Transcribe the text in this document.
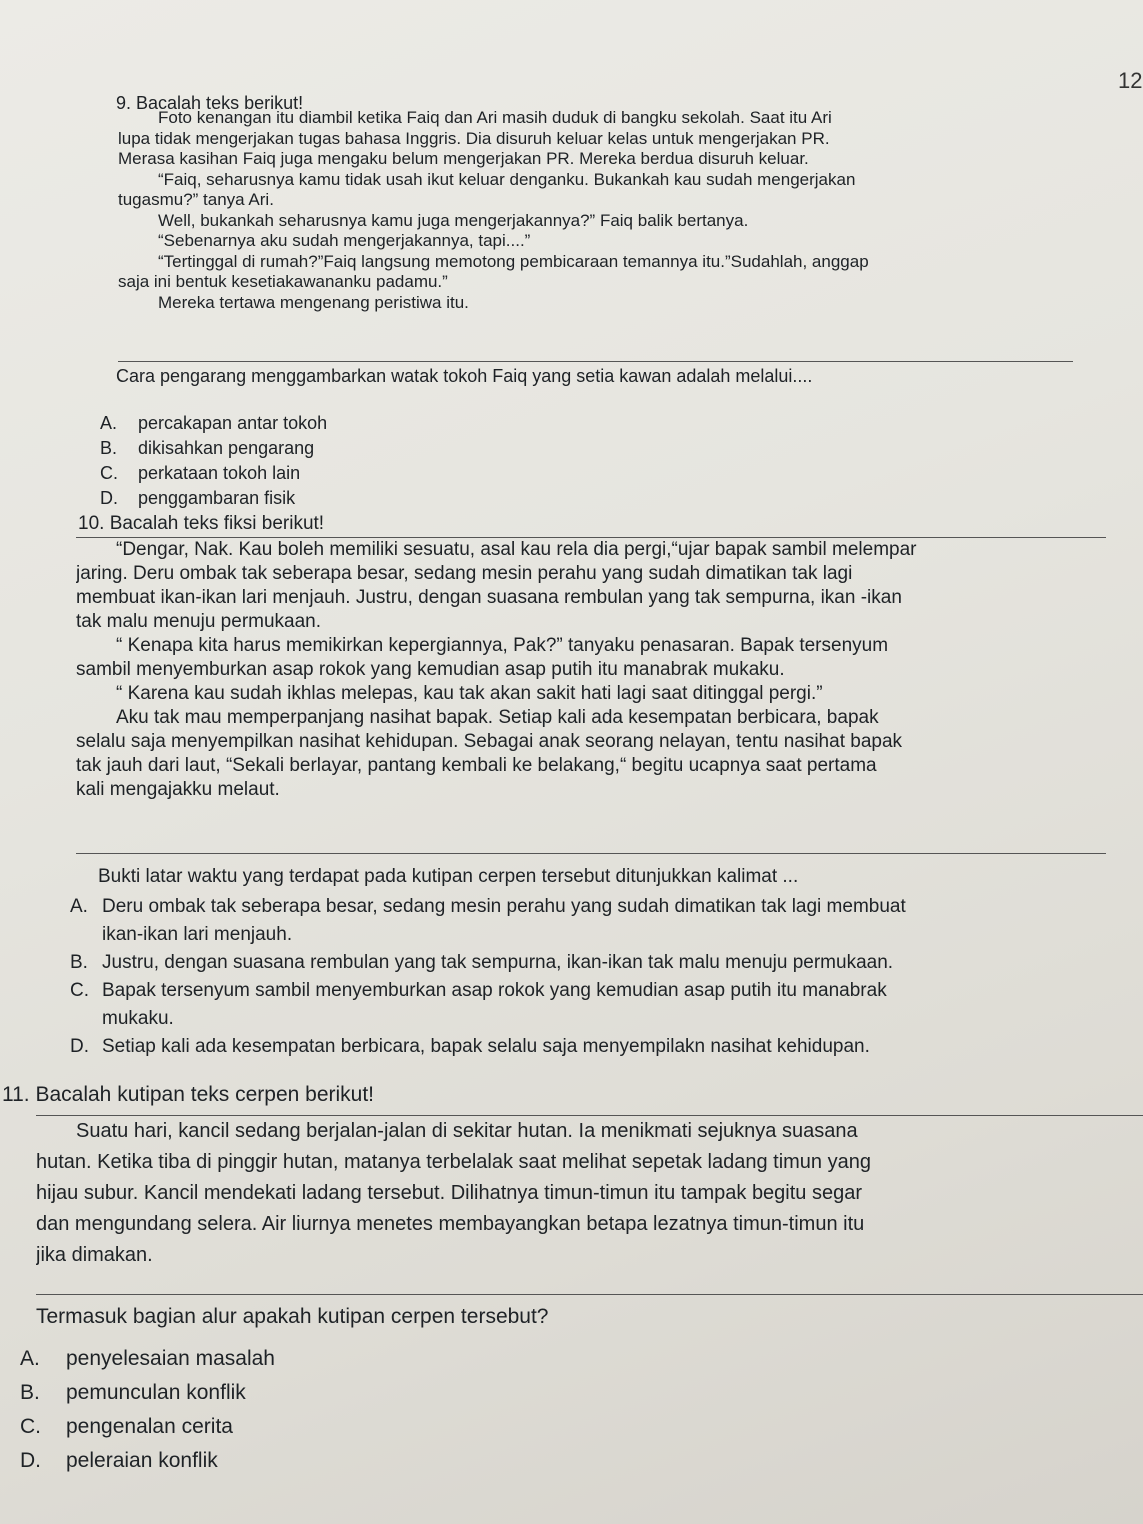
12
9. Bacalah teks berikut!

Foto kenangan itu diambil ketika Faiq dan Ari masih duduk di bangku sekolah. Saat itu Ari

lupa tidak mengerjakan tugas bahasa Inggris. Dia disuruh keluar kelas untuk mengerjakan PR.

Merasa kasihan Faiq juga mengaku belum mengerjakan PR. Mereka berdua disuruh keluar.

“Faiq, seharusnya kamu tidak usah ikut keluar denganku. Bukankah kau sudah mengerjakan

tugasmu?” tanya Ari.

Well, bukankah seharusnya kamu juga mengerjakannya?” Faiq balik bertanya.

“Sebenarnya aku sudah mengerjakannya, tapi....”

“Tertinggal di rumah?”Faiq langsung memotong pembicaraan temannya itu.”Sudahlah, anggap

saja ini bentuk kesetiakawananku padamu.”

Mereka tertawa mengenang peristiwa itu.

Cara pengarang menggambarkan watak tokoh Faiq yang setia kawan adalah melalui....
A. percakapan antar tokoh
B. dikisahkan pengarang
C. perkataan tokoh lain
D. penggambaran fisik
10. Bacalah teks fiksi berikut!

“Dengar, Nak. Kau boleh memiliki sesuatu, asal kau rela dia pergi,“ujar bapak sambil melempar

jaring. Deru ombak tak seberapa besar, sedang mesin perahu yang sudah dimatikan tak lagi

membuat ikan-ikan lari menjauh. Justru, dengan suasana rembulan yang tak sempurna, ikan -ikan

tak malu menuju permukaan.

“ Kenapa kita harus memikirkan kepergiannya, Pak?” tanyaku penasaran. Bapak tersenyum

sambil menyemburkan asap rokok yang kemudian asap putih itu manabrak mukaku.

“ Karena kau sudah ikhlas melepas, kau tak akan sakit hati lagi saat ditinggal pergi.”

Aku tak mau memperpanjang nasihat bapak. Setiap kali ada kesempatan berbicara, bapak

selalu saja menyempilkan nasihat kehidupan. Sebagai anak seorang nelayan, tentu nasihat bapak

tak jauh dari laut, “Sekali berlayar, pantang kembali ke belakang,“ begitu ucapnya saat pertama

kali mengajakku melaut.

Bukti latar waktu yang terdapat pada kutipan cerpen tersebut ditunjukkan kalimat ...
A. Deru ombak tak seberapa besar, sedang mesin perahu yang sudah dimatikan tak lagi membuat
ikan-ikan lari menjauh.
B. Justru, dengan suasana rembulan yang tak sempurna, ikan-ikan tak malu menuju permukaan.
C. Bapak tersenyum sambil menyemburkan asap rokok yang kemudian asap putih itu manabrak
mukaku.
D. Setiap kali ada kesempatan berbicara, bapak selalu saja menyempilakn nasihat kehidupan.
11. Bacalah kutipan teks cerpen berikut!

Suatu hari, kancil sedang berjalan-jalan di sekitar hutan. Ia menikmati sejuknya suasana

hutan. Ketika tiba di pinggir hutan, matanya terbelalak saat melihat sepetak ladang timun yang

hijau subur. Kancil mendekati ladang tersebut. Dilihatnya timun-timun itu tampak begitu segar

dan mengundang selera. Air liurnya menetes membayangkan betapa lezatnya timun-timun itu

jika dimakan.

Termasuk bagian alur apakah kutipan cerpen tersebut?
A. penyelesaian masalah
B. pemunculan konflik
C. pengenalan cerita
D. peleraian konflik
